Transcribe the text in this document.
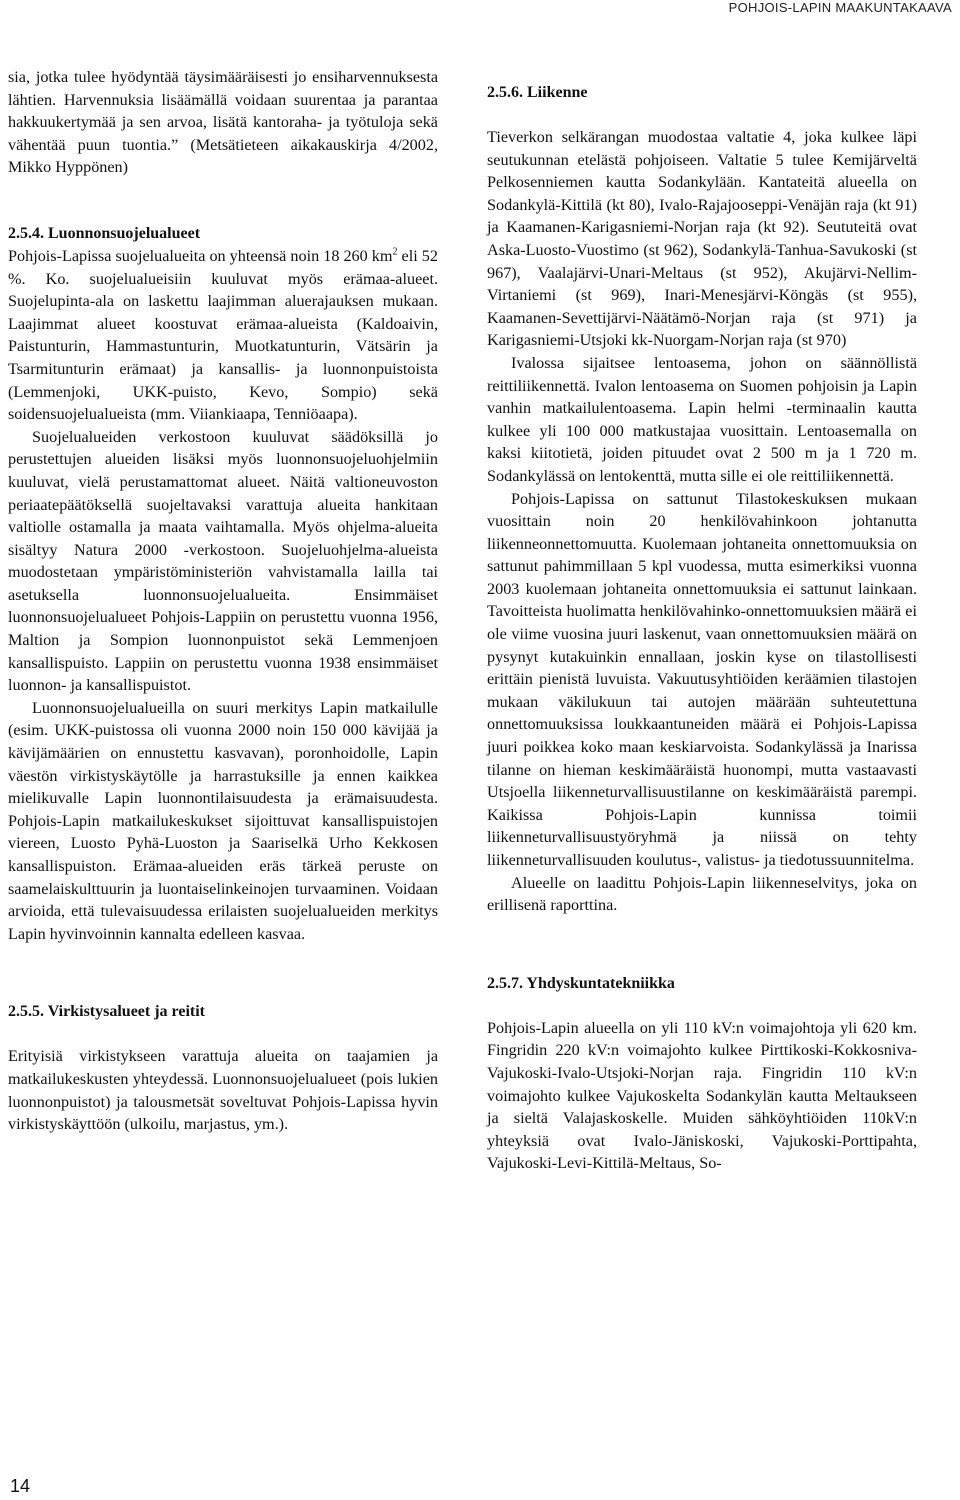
POHJOIS-LAPIN MAAKUNTAKAAVA

sia, jotka tulee hyödyntää täysimääräisesti jo ensiharvennuksesta lähtien. Harvennuksia lisäämällä voidaan suurentaa ja parantaa hakkuukertymää ja sen arvoa, lisätä kantoraha- ja työtuloja sekä vähentää puun tuontia.” (Metsätieteen aikakauskirja 4/2002, Mikko Hyppönen)

2.5.4. Luonnonsuojelualueet

Pohjois-Lapissa suojelualueita on yhteensä noin 18 260 $km^2$ eli 52 %. Ko. suojelualueisiin kuuluvat myös erämaa-alueet. Suojelupinta-ala on laskettu laajimman aluerajauksen mukaan. Laajimmat alueet koostuvat erämaa-alueista (Kaldoaivin, Paistunturin, Hammastunturin, Muotkatunturin, Vätsärin ja Tsarmitunturin erämaat) ja kansallis- ja luonnonpuistoista (Lemmenjoki, UKK-puisto, Kevo, Sompio) sekä soidensuojelualueista (mm. Viiankiaapa, Tenniöaapa).

Suojelualueiden verkostoon kuuluvat säädöksillä jo perustettujen alueiden lisäksi myös luonnonsuojeluohjelmiin kuuluvat, vielä perustamattomat alueet. Näitä valtioneuvoston periaatepäätöksellä suojeltavaksi varattuja alueita hankitaan valtiolle ostamalla ja maata vaihtamalla. Myös ohjelma-alueita sisältyy Natura 2000 -verkostoon. Suojeluohjelma-alueista muodostetaan ympäristöministeriön vahvistamalla lailla tai asetuksella luonnonsuojelualueita. Ensimmäiset luonnonsuojelualueet Pohjois-Lappiin on perustettu vuonna 1956, Maltion ja Sompion luonnonpuistot sekä Lemmenjoen kansallispuisto. Lappiin on perustettu vuonna 1938 ensimmäiset luonnon- ja kansallispuistot.

Luonnonsuojelualueilla on suuri merkitys Lapin matkailulle (esim. UKK-puistossa oli vuonna 2000 noin 150 000 kävijää ja kävijämäärien on ennustettu kasvavan), poronhoidolle, Lapin väestön virkistyskäytölle ja harrastuksille ja ennen kaikkea mielikuvalle Lapin luonnontilaisuudesta ja erämaisuudesta. Pohjois-Lapin matkailukeskukset sijoittuvat kansallispuistojen viereen, Luosto Pyhä-Luoston ja Saariselkä Urho Kekkosen kansallispuiston. Erämaa-alueiden eräs tärkeä peruste on saamelaiskulttuurin ja luontaiselinkeinojen turvaaminen. Voidaan arvioida, että tulevaisuudessa erilaisten suojelualueiden merkitys Lapin hyvinvoinnin kannalta edelleen kasvaa.

2.5.5. Virkistysalueet ja reitit

Erityisiä virkistykseen varattuja alueita on taajamien ja matkailukeskusten yhteydessä. Luonnonsuojelualueet (pois lukien luonnonpuistot) ja talousmetsät soveltuvat Pohjois-Lapissa hyvin virkistyskäyttöön (ulkoilu, marjastus, ym.).

2.5.6. Liikenne

Tieverkon selkärangan muodostaa valtatie 4, joka kulkee läpi seutukunnan etelästä pohjoiseen. Valtatie 5 tulee Kemijärveltä Pelkosenniemen kautta Sodankylään. Kantateitä alueella on Sodankylä-Kittilä (kt 80), Ivalo-Rajajooseppi-Venäjän raja (kt 91) ja Kaamanen-Karigasniemi-Norjan raja (kt 92). Seututeitä ovat Aska-Luosto-Vuostimo (st 962), Sodankylä-Tanhua-Savukoski (st 967), Vaalajärvi-Unari-Meltaus (st 952), Akujärvi-Nellim-Virtaniemi (st 969), Inari-Menesjärvi-Köngäs (st 955), Kaamanen-Sevettijärvi-Näätämö-Norjan raja (st 971) ja Karigasniemi-Utsjoki kk-Nuorgam-Norjan raja (st 970)

Ivalossa sijaitsee lentoasema, johon on säännöllistä reittiliikennettä. Ivalon lentoasema on Suomen pohjoisin ja Lapin vanhin matkailulentoasema. Lapin helmi -terminaalin kautta kulkee yli 100 000 matkustajaa vuosittain. Lentoasemalla on kaksi kiitotietä, joiden pituudet ovat 2 500 m ja 1 720 m. Sodankylässä on lentokenttä, mutta sille ei ole reittiliikennettä.

Pohjois-Lapissa on sattunut Tilastokeskuksen mukaan vuosittain noin 20 henkilövahinkoon johtanutta liikenneonnettomuutta. Kuolemaan johtaneita onnettomuuksia on sattunut pahimmillaan 5 kpl vuodessa, mutta esimerkiksi vuonna 2003 kuolemaan johtaneita onnettomuuksia ei sattunut lainkaan. Tavoitteista huolimatta henkilövahinko-onnettomuuksien määrä ei ole viime vuosina juuri laskenut, vaan onnettomuuksien määrä on pysynyt kutakuinkin ennallaan, joskin kyse on tilastollisesti erittäin pienistä luvuista. Vakuutusyhtiöiden keräämien tilastojen mukaan väkilukuun tai autojen määrään suhteutettuna onnettomuuksissa loukkaantuneiden määrä ei Pohjois-Lapissa juuri poikkea koko maan keskiarvoista. Sodankylässä ja Inarissa tilanne on hieman keskimääräistä huonompi, mutta vastaavasti Utsjoella liikenneturvallisuustilanne on keskimääräistä parempi. Kaikissa Pohjois-Lapin kunnissa toimii liikenneturvallisuustyöryhmä ja niissä on tehty liikenneturvallisuuden koulutus-, valistus- ja tiedotussuunnitelma.

Alueelle on laadittu Pohjois-Lapin liikenneselvitys, joka on erillisenä raporttina.

2.5.7. Yhdyskuntatekniikka

Pohjois-Lapin alueella on yli 110 kV:n voimajohtoja yli 620 km. Fingridin 220 kV:n voimajohto kulkee Pirttikoski-Kokkosniva-Vajukoski-Ivalo-Utsjoki-Norjan raja. Fingridin 110 kV:n voimajohto kulkee Vajukoskelta Sodankylän kautta Meltaukseen ja sieltä Valajaskoskelle. Muiden sähköyhtiöiden 110kV:n yhteyksiä ovat Ivalo-Jäniskoski, Vajukoski-Porttipahta, Vajukoski-Levi-Kittilä-Meltaus, So-

14
